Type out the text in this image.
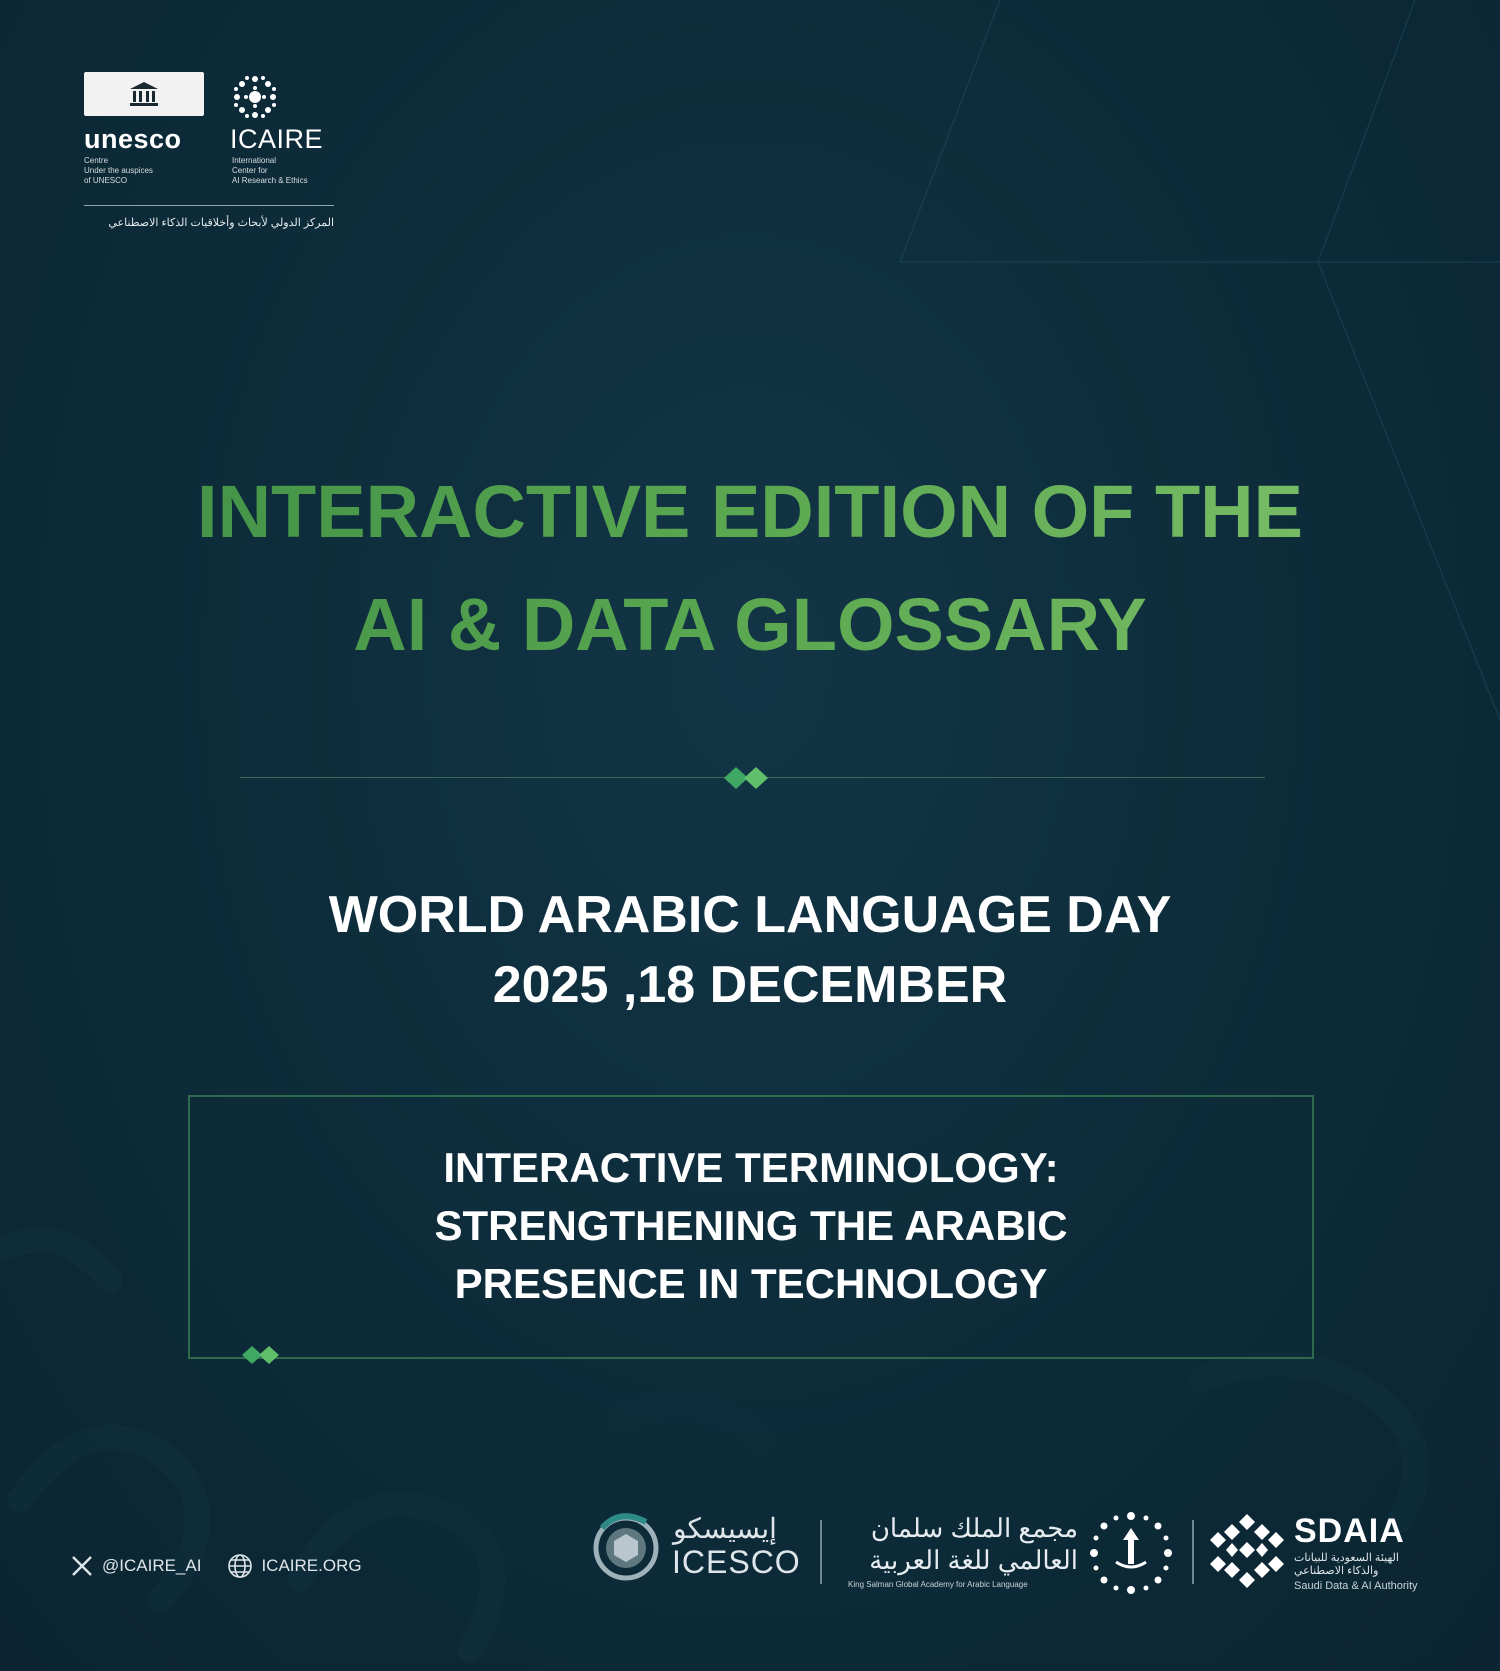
unesco
Centre
Under the auspices
of UNESCO
ICAIRE
International
Center for
AI Research & Ethics
المركز الدولي لأبحاث وأخلاقيات الذكاء الاصطناعي
INTERACTIVE EDITION OF THE
AI & DATA GLOSSARY
WORLD ARABIC LANGUAGE DAY
2025 ,18 DECEMBER
INTERACTIVE TERMINOLOGY:
STRENGTHENING THE ARABIC
PRESENCE IN TECHNOLOGY
@ICAIRE_AI	ICAIRE.ORG
إيسيسكو
ICESCO
مجمع الملك سلمان
العالمي للغة العربية
King Salman Global Academy for Arabic Language
SDAIA
الهيئة السعودية للبيانات
والذكاء الاصطناعي
Saudi Data & AI Authority
